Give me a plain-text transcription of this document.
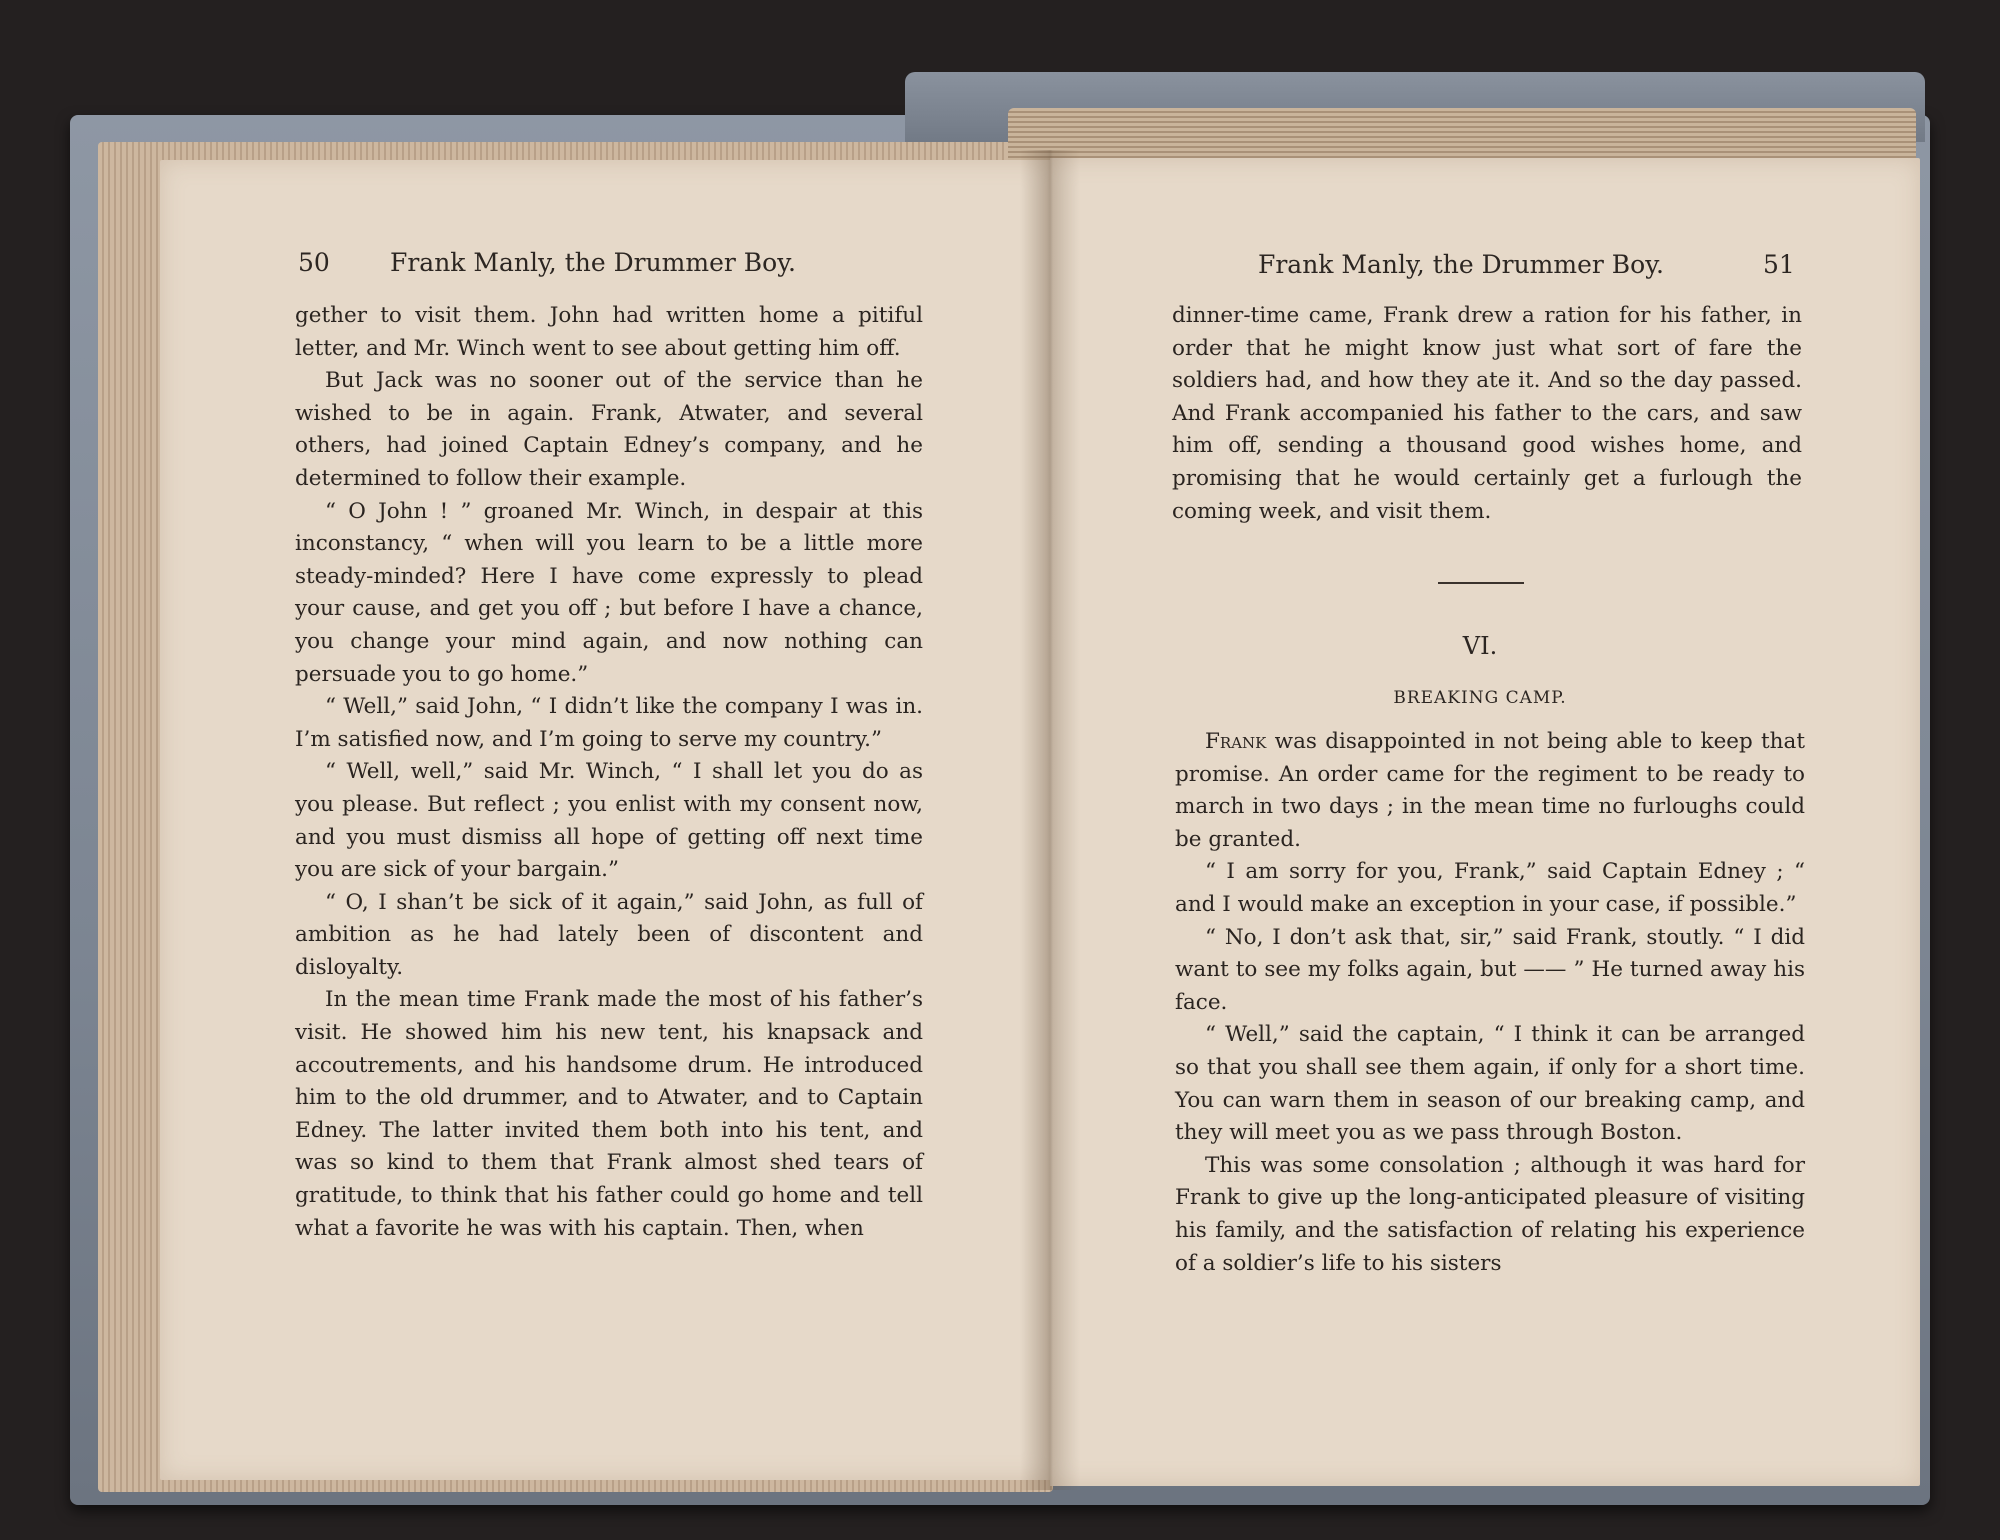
50 Frank Manly, the Drummer Boy.

gether to visit them. John had written home a pitiful letter, and Mr. Winch went to see about getting him off.

But Jack was no sooner out of the service than he wished to be in again. Frank, Atwater, and several others, had joined Captain Edney’s company, and he determined to follow their example.

“ O John ! ” groaned Mr. Winch, in despair at this inconstancy, “ when will you learn to be a little more steady-minded? Here I have come expressly to plead your cause, and get you off ; but before I have a chance, you change your mind again, and now nothing can persuade you to go home.”

“ Well,” said John, “ I didn’t like the company I was in. I’m satisfied now, and I’m going to serve my country.”

“ Well, well,” said Mr. Winch, “ I shall let you do as you please. But reflect ; you enlist with my consent now, and you must dismiss all hope of getting off next time you are sick of your bargain.”

“ O, I shan’t be sick of it again,” said John, as full of ambition as he had lately been of discontent and disloyalty.

In the mean time Frank made the most of his father’s visit. He showed him his new tent, his knapsack and accoutrements, and his handsome drum. He introduced him to the old drummer, and to Atwater, and to Captain Edney. The latter invited them both into his tent, and was so kind to them that Frank almost shed tears of gratitude, to think that his father could go home and tell what a favorite he was with his captain. Then, when

Frank Manly, the Drummer Boy.	51

dinner-time came, Frank drew a ration for his father, in order that he might know just what sort of fare the soldiers had, and how they ate it. And so the day passed. And Frank accompanied his father to the cars, and saw him off, sending a thousand good wishes home, and promising that he would certainly get a furlough the coming week, and visit them.

VI.
BREAKING CAMP.

Frank was disappointed in not being able to keep that promise. An order came for the regiment to be ready to march in two days ; in the mean time no furloughs could be granted.

“ I am sorry for you, Frank,” said Captain Edney ; “ and I would make an exception in your case, if possible.”

“ No, I don’t ask that, sir,” said Frank, stoutly. “ I did want to see my folks again, but —— ” He turned away his face.

“ Well,” said the captain, “ I think it can be arranged so that you shall see them again, if only for a short time. You can warn them in season of our breaking camp, and they will meet you as we pass through Boston.

This was some consolation ; although it was hard for Frank to give up the long-anticipated pleasure of visiting his family, and the satisfaction of relating his experience of a soldier’s life to his sisters
